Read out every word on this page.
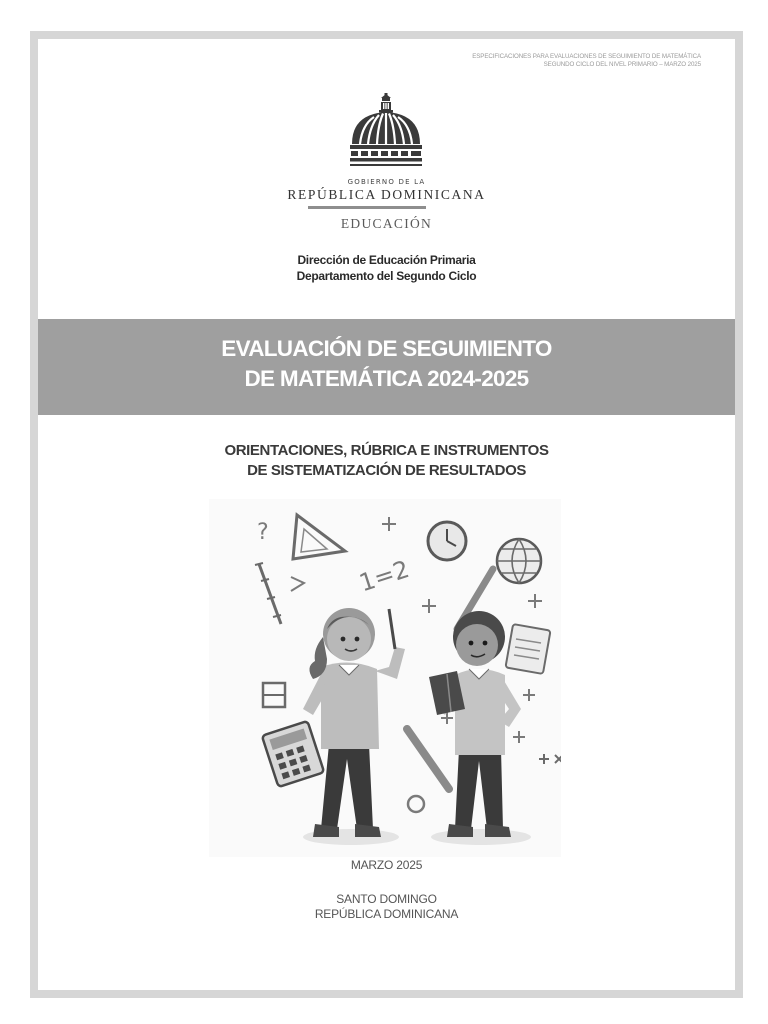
ESPECIFICACIONES PARA EVALUACIONES DE SEGUIMIENTO DE MATEMÁTICA
SEGUNDO CICLO DEL NIVEL PRIMARIO – MARZO 2025
GOBIERNO DE LA
REPÚBLICA DOMINICANA
EDUCACIÓN
Dirección de Educación Primaria
Departamento del Segundo Ciclo
EVALUACIÓN DE SEGUIMIENTO
DE MATEMÁTICA 2024-2025
ORIENTACIONES, RÚBRICA E INSTRUMENTOS
DE SISTEMATIZACIÓN DE RESULTADOS
?
1=2
MARZO 2025
SANTO DOMINGO
REPÚBLICA DOMINICANA
